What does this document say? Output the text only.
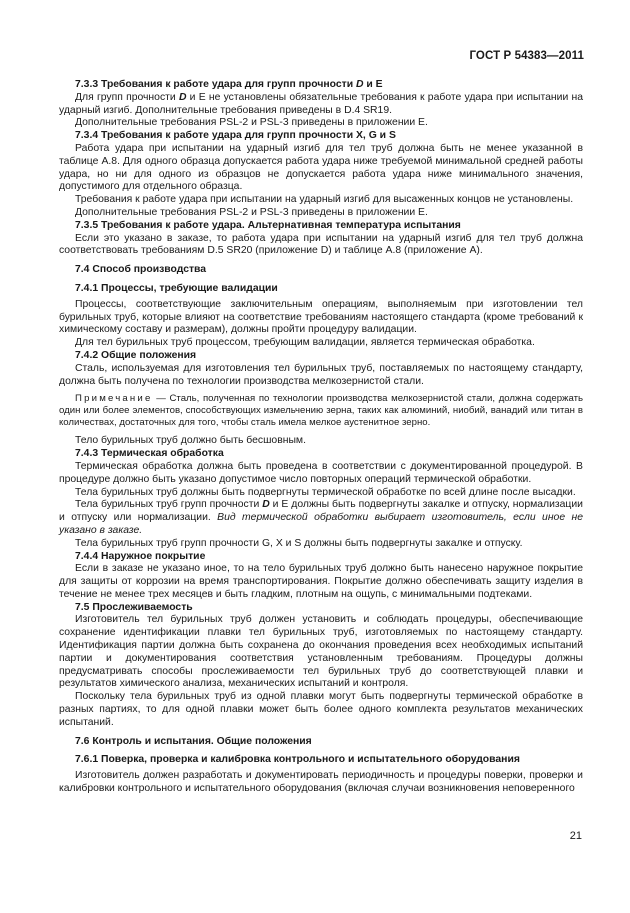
ГОСТ Р 54383—2011

7.3.3 Требования к работе удара для групп прочности D и Е

Для групп прочности D и Е не установлены обязательные требования к работе удара при испытании на ударный изгиб. Дополнительные требования приведены в D.4 SR19.

Дополнительные требования PSL-2 и PSL-3 приведены в приложении Е.

7.3.4 Требования к работе удара для групп прочности X, G и S

Работа удара при испытании на ударный изгиб для тел труб должна быть не менее указанной в таблице А.8. Для одного образца допускается работа удара ниже требуемой минимальной средней работы удара, но ни для одного из образцов не допускается работа удара ниже минимального значения, допустимого для отдельного образца.

Требования к работе удара при испытании на ударный изгиб для высаженных концов не установлены.

Дополнительные требования PSL-2 и PSL-3 приведены в приложении Е.

7.3.5 Требования к работе удара. Альтернативная температура испытания

Если это указано в заказе, то работа удара при испытании на ударный изгиб для тел труб должна соответствовать требованиям D.5 SR20 (приложение D) и таблице А.8 (приложение А).

7.4 Способ производства

7.4.1 Процессы, требующие валидации

Процессы, соответствующие заключительным операциям, выполняемым при изготовлении тел бурильных труб, которые влияют на соответствие требованиям настоящего стандарта (кроме требований к химическому составу и размерам), должны пройти процедуру валидации.

Для тел бурильных труб процессом, требующим валидации, является термическая обработка.

7.4.2 Общие положения

Сталь, используемая для изготовления тел бурильных труб, поставляемых по настоящему стандарту, должна быть получена по технологии производства мелкозернистой стали.

Примечание — Сталь, полученная по технологии производства мелкозернистой стали, должна содержать один или более элементов, способствующих измельчению зерна, таких как алюминий, ниобий, ванадий или титан в количествах, достаточных для того, чтобы сталь имела мелкое аустенитное зерно.

Тело бурильных труб должно быть бесшовным.

7.4.3 Термическая обработка

Термическая обработка должна быть проведена в соответствии с документированной процедурой. В процедуре должно быть указано допустимое число повторных операций термической обработки.

Тела бурильных труб должны быть подвергнуты термической обработке по всей длине после высадки.

Тела бурильных труб групп прочности D и Е должны быть подвергнуты закалке и отпуску, нормализации и отпуску или нормализации. Вид термической обработки выбирает изготовитель, если иное не указано в заказе.

Тела бурильных труб групп прочности G, X и S должны быть подвергнуты закалке и отпуску.

7.4.4 Наружное покрытие

Если в заказе не указано иное, то на тело бурильных труб должно быть нанесено наружное покрытие для защиты от коррозии на время транспортирования. Покрытие должно обеспечивать защиту изделия в течение не менее трех месяцев и быть гладким, плотным на ощупь, с минимальными подтеками.

7.5 Прослеживаемость

Изготовитель тел бурильных труб должен установить и соблюдать процедуры, обеспечивающие сохранение идентификации плавки тел бурильных труб, изготовляемых по настоящему стандарту. Идентификация партии должна быть сохранена до окончания проведения всех необходимых испытаний партии и документирования соответствия установленным требованиям. Процедуры должны предусматривать способы прослеживаемости тел бурильных труб до соответствующей плавки и результатов химического анализа, механических испытаний и контроля.

Поскольку тела бурильных труб из одной плавки могут быть подвергнуты термической обработке в разных партиях, то для одной плавки может быть более одного комплекта результатов механических испытаний.

7.6 Контроль и испытания. Общие положения

7.6.1 Поверка, проверка и калибровка контрольного и испытательного оборудования

Изготовитель должен разработать и документировать периодичность и процедуры поверки, проверки и калибровки контрольного и испытательного оборудования (включая случаи возникновения неповеренного

21
